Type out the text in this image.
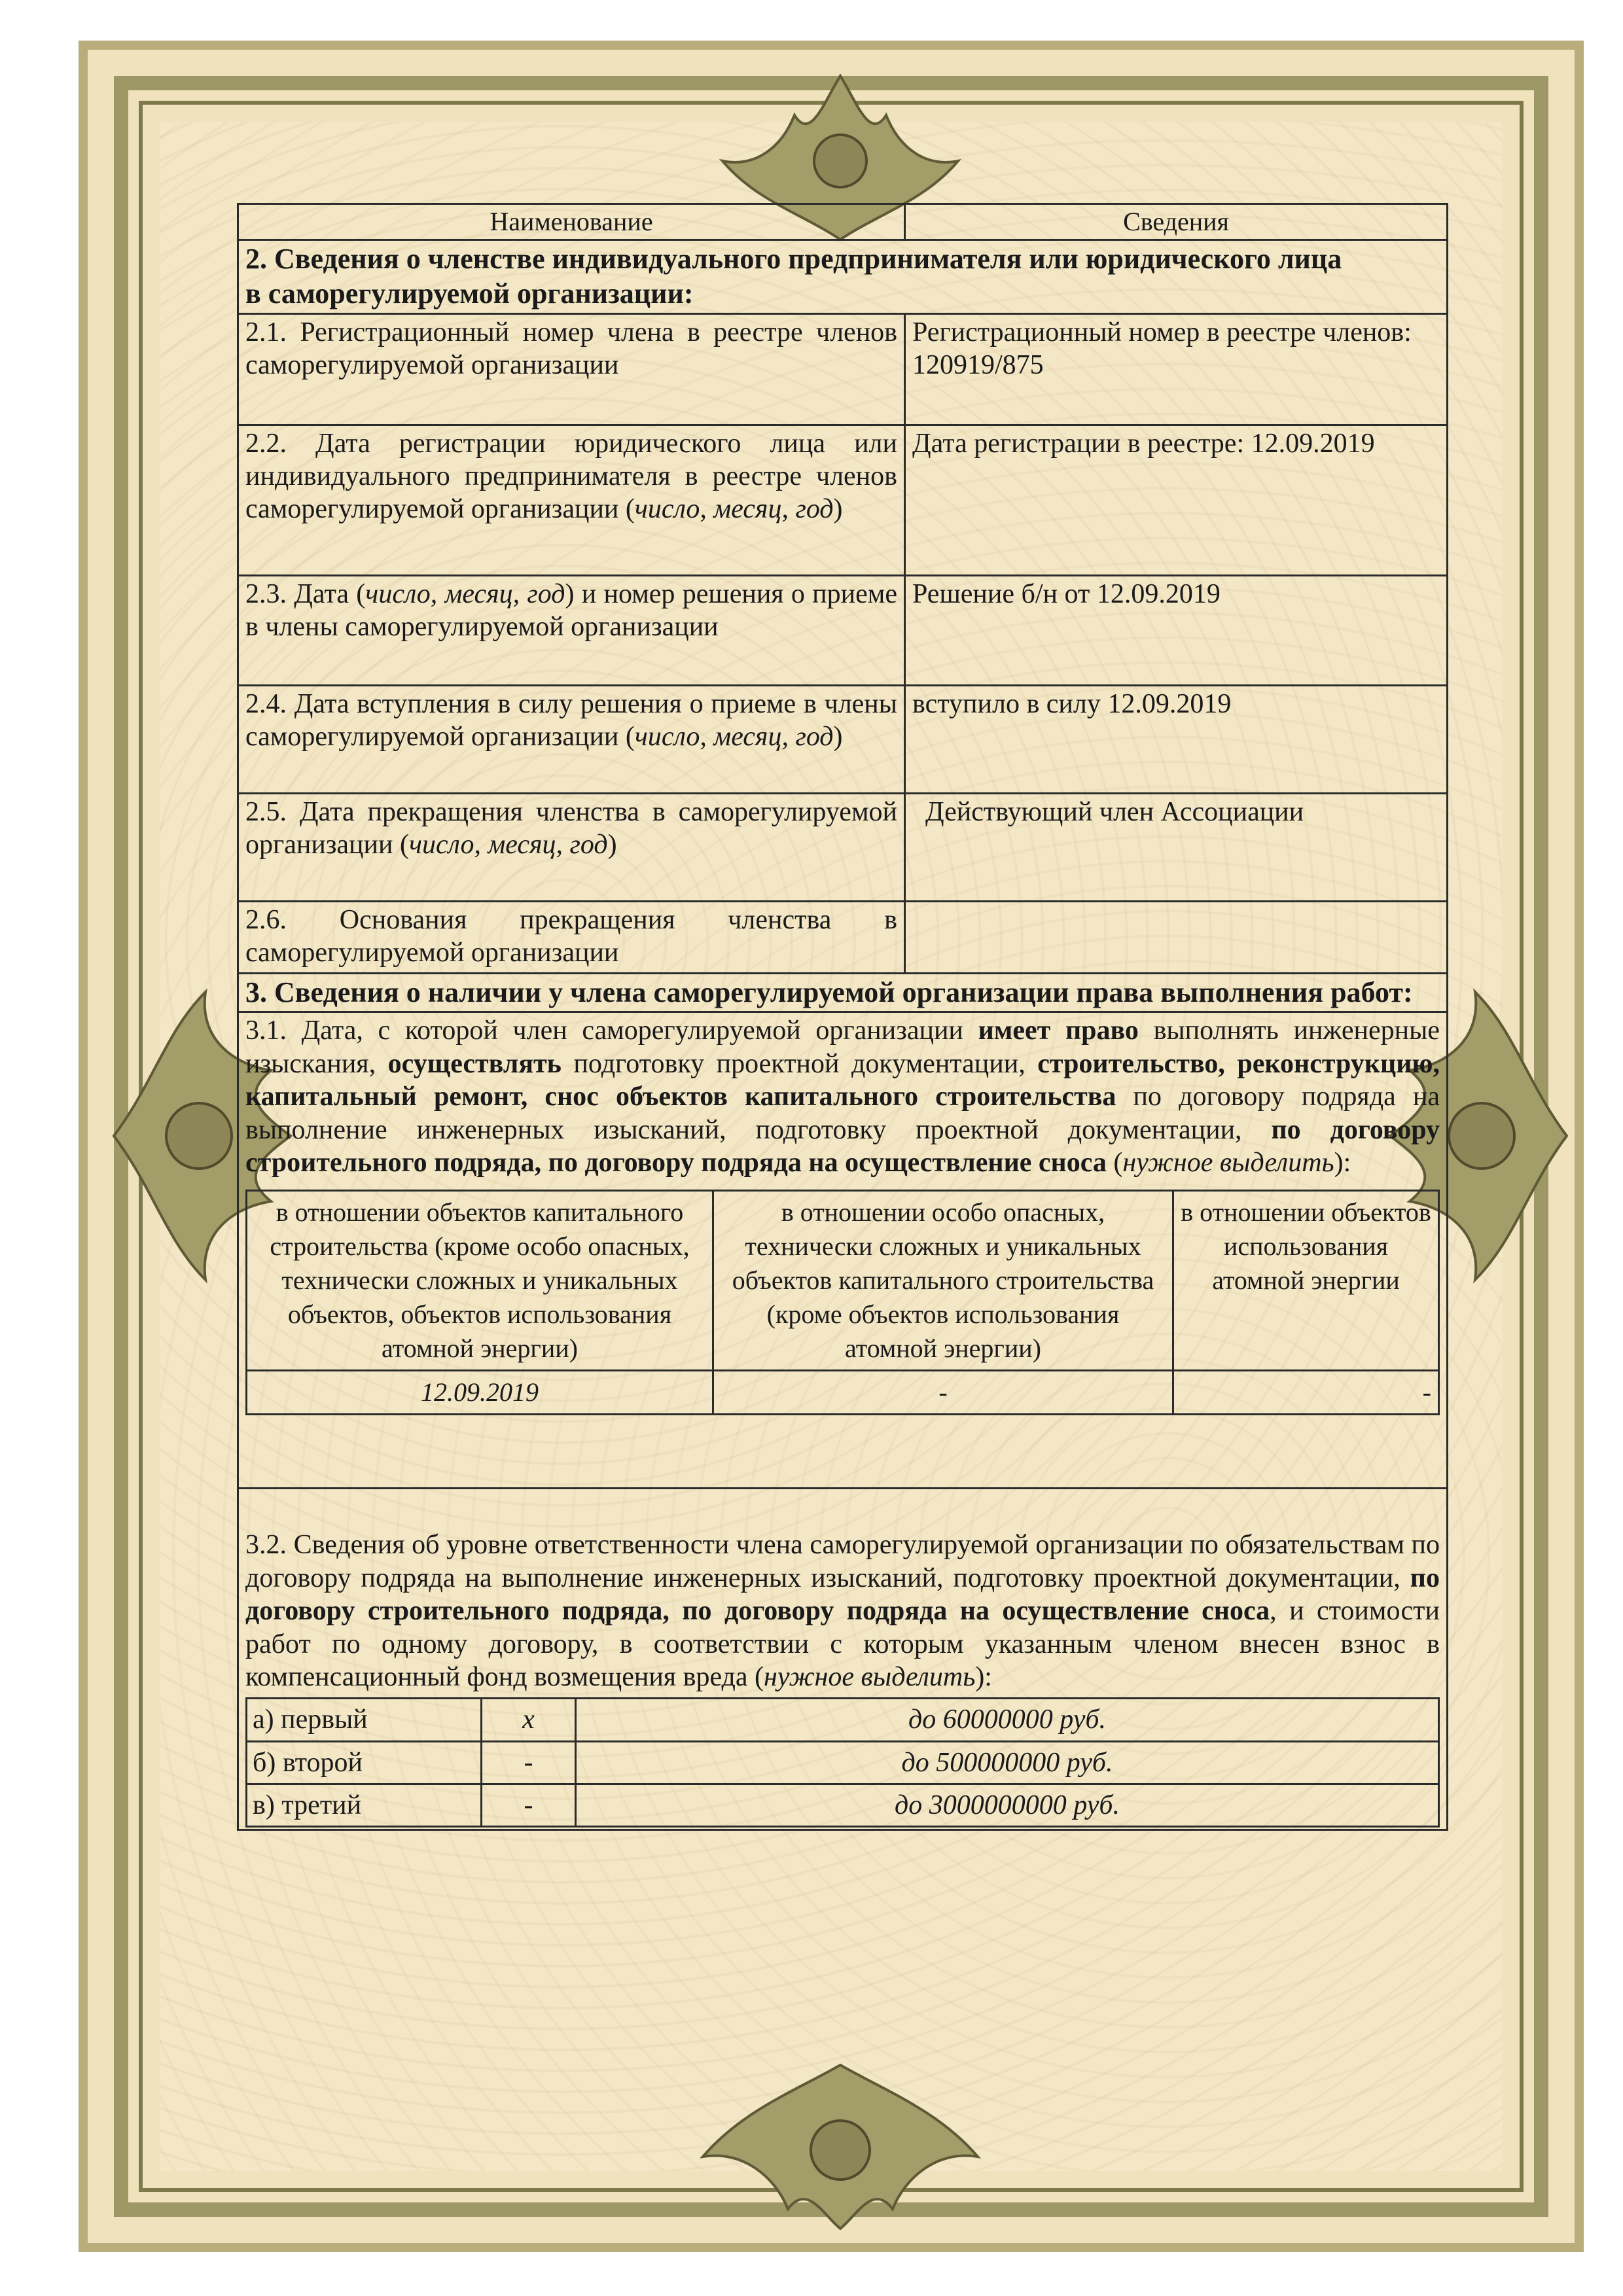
Наименование	Сведения

2. Сведения о членстве индивидуального предпринимателя или юридического лица
в саморегулируемой организации:

2.1. Регистрационный номер члена в реестре членов саморегулируемой организации	Регистрационный номер в реестре членов: 120919/875
2.2. Дата регистрации юридического лица или индивидуального предпринимателя в реестре членов саморегулируемой организации (число, месяц, год)	Дата регистрации в реестре: 12.09.2019
2.3. Дата (число, месяц, год) и номер решения о приеме в члены саморегулируемой организации	Решение б/н от 12.09.2019
2.4. Дата вступления в силу решения о приеме в члены саморегулируемой организации (число, месяц, год)	вступило в силу 12.09.2019
2.5. Дата прекращения членства в саморегулируемой организации (число, месяц, год)	Действующий член Ассоциации
2.6. Основания прекращения членства в саморегулируемой организации	
3. Сведения о наличии у члена саморегулируемой организации права выполнения работ:

3.1. Дата, с которой член саморегулируемой организации имеет право выполнять инженерные изыскания, осуществлять подготовку проектной документации, строительство, реконструкцию, капитальный ремонт, снос объектов капитального строительства по договору подряда на выполнение инженерных изысканий, подготовку проектной документации, по договору строительного подряда, по договору подряда на осуществление сноса (нужное выделить):
в отношении объектов капитального строительства (кроме особо опасных, технически сложных и уникальных объектов, объектов использования атомной энергии)	в отношении особо опасных, технически сложных и уникальных объектов капитального строительства (кроме объектов использования атомной энергии)	в отношении объектов использования атомной энергии
12.09.2019	-	-

3.2. Сведения об уровне ответственности члена саморегулируемой организации по обязательствам по договору подряда на выполнение инженерных изысканий, подготовку проектной документации, по договору строительного подряда, по договору подряда на осуществление сноса, и стоимости работ по одному договору, в соответствии с которым указанным членом внесен взнос в компенсационный фонд возмещения вреда (нужное выделить):
а) первый	х	до 60000000 руб.
б) второй	-	до 500000000 руб.
в) третий	-	до 3000000000 руб.
